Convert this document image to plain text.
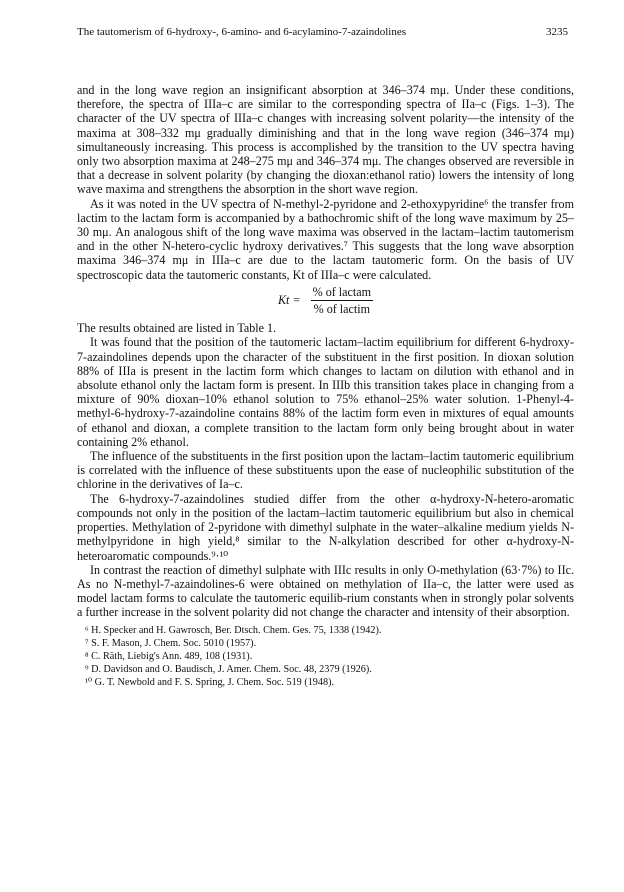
The tautomerism of 6-hydroxy-, 6-amino- and 6-acylamino-7-azaindolines	3235

and in the long wave region an insignificant absorption at 346–374 mμ. Under these conditions, therefore, the spectra of IIIa–c are similar to the corresponding spectra of IIa–c (Figs. 1–3). The character of the UV spectra of IIIa–c changes with increasing solvent polarity—the intensity of the maxima at 308–332 mμ gradually diminishing and that in the long wave region (346–374 mμ) simultaneously increasing. This process is accomplished by the transition to the UV spectra having only two absorption maxima at 248–275 mμ and 346–374 mμ. The changes observed are reversible in that a decrease in solvent polarity (by changing the dioxan:ethanol ratio) lowers the intensity of long wave maxima and strengthens the absorption in the short wave region.

As it was noted in the UV spectra of N-methyl-2-pyridone and 2-ethoxypyridine⁶ the transfer from lactim to the lactam form is accompanied by a bathochromic shift of the long wave maximum by 25–30 mμ. An analogous shift of the long wave maxima was observed in the lactam–lactim tautomerism and in the other N-hetero-cyclic hydroxy derivatives.⁷ This suggests that the long wave absorption maxima 346–374 mμ in IIIa–c are due to the lactam tautomeric form. On the basis of UV spectroscopic data the tautomeric constants, Kt of IIIa–c were calculated.

$Kt = \frac{\text{\% of lactam}}{\text{\% of lactim}}$

The results obtained are listed in Table 1.

It was found that the position of the tautomeric lactam–lactim equilibrium for different 6-hydroxy-7-azaindolines depends upon the character of the substituent in the first position. In dioxan solution 88% of IIIa is present in the lactim form which changes to lactam on dilution with ethanol and in absolute ethanol only the lactam form is present. In IIIb this transition takes place in changing from a mixture of 90% dioxan–10% ethanol solution to 75% ethanol–25% water solution. 1-Phenyl-4-methyl-6-hydroxy-7-azaindoline contains 88% of the lactim form even in mixtures of equal amounts of ethanol and dioxan, a complete transition to the lactam form only being brought about in water containing 2% ethanol.

The influence of the substituents in the first position upon the lactam–lactim tautomeric equilibrium is correlated with the influence of these substituents upon the ease of nucleophilic substitution of the chlorine in the derivatives of Ia–c.

The 6-hydroxy-7-azaindolines studied differ from the other α-hydroxy-N-hetero-aromatic compounds not only in the position of the lactam–lactim tautomeric equilibrium but also in chemical properties. Methylation of 2-pyridone with dimethyl sulphate in the water–alkaline medium yields N-methylpyridone in high yield,⁸ similar to the N-alkylation described for other α-hydroxy-N-heteroaromatic compounds.⁹·¹⁰

In contrast the reaction of dimethyl sulphate with IIIc results in only O-methylation (63·7%) to IIc. As no N-methyl-7-azaindolines-6 were obtained on methylation of IIa–c, the latter were used as model lactam forms to calculate the tautomeric equilib-rium constants when in strongly polar solvents a further increase in the solvent polarity did not change the character and intensity of their absorption.

⁶ H. Specker and H. Gawrosch, Ber. Dtsch. Chem. Ges. 75, 1338 (1942).

⁷ S. F. Mason, J. Chem. Soc. 5010 (1957).

⁸ C. Räth, Liebig's Ann. 489, 108 (1931).

⁹ D. Davidson and O. Baudisch, J. Amer. Chem. Soc. 48, 2379 (1926).

¹⁰ G. T. Newbold and F. S. Spring, J. Chem. Soc. 519 (1948).
